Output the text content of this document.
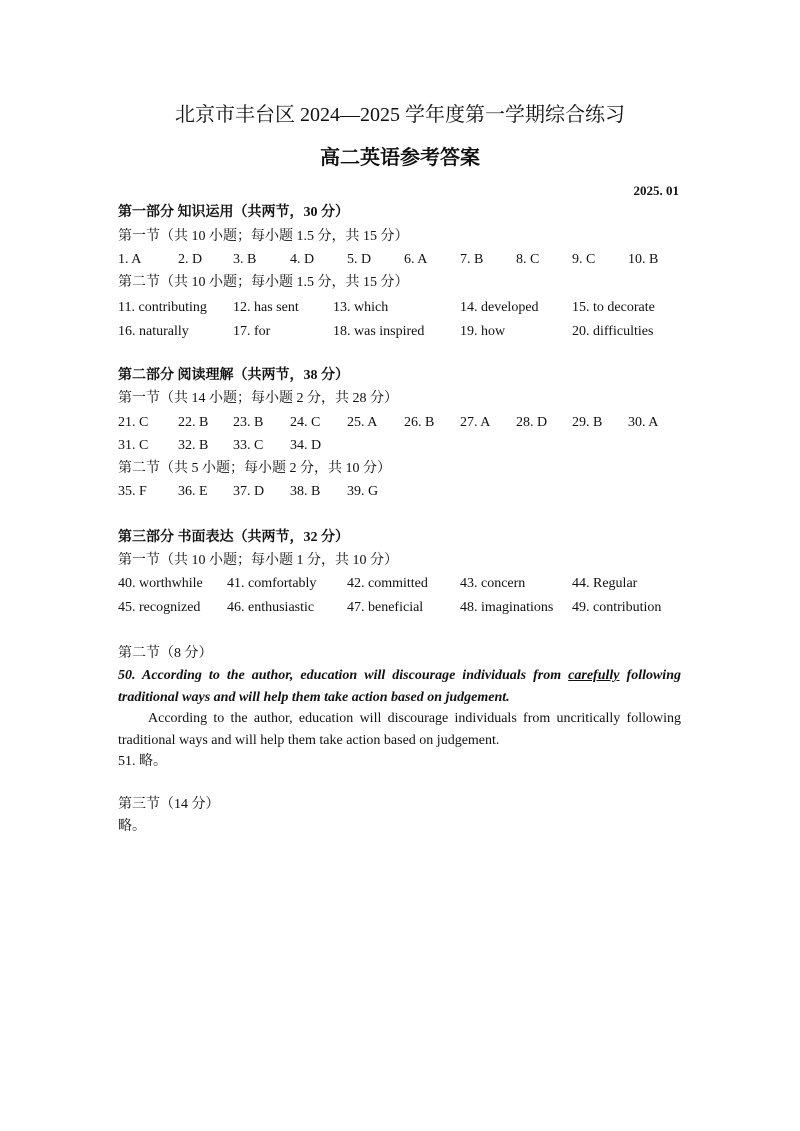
北京市丰台区 2024—2025 学年度第一学期综合练习
高二英语参考答案
2025. 01
第一部分 知识运用（共两节，30 分）
第一节（共 10 小题；每小题 1.5 分，共 15 分）
1. A	2. D 3. B 4. D 5. D 6. A 7. B 8. C 9. C 10. B
第二节（共 10 小题；每小题 1.5 分，共 15 分）
11. contributing 12. has sent 13. which	14. developed 15. to decorate
16. naturally	17. for	18. was inspired	19. how	20. difficulties
第二部分 阅读理解（共两节，38 分）
第一节（共 14 小题；每小题 2 分，共 28 分）
21. C 22. B 23. B 24. C 25. A 26. B 27. A 28. D 29. B 30. A
31. C 32. B 33. C 34. D
第二节（共 5 小题；每小题 2 分，共 10 分）
35. F 36. E 37. D 38. B 39. G
第三部分 书面表达（共两节，32 分）
第一节（共 10 小题；每小题 1 分，共 10 分）
40. worthwhile 41. comfortably 42. committed 43. concern	44. Regular
45. recognized 46. enthusiastic 47. beneficial	48. imaginations 49. contribution
第二节（8 分）
50. According to the author, education will discourage individuals from carefully following traditional ways and will help them take action based on judgement.
According to the author, education will discourage individuals from uncritically following traditional ways and will help them take action based on judgement.
51. 略。
第三节（14 分）
略。
